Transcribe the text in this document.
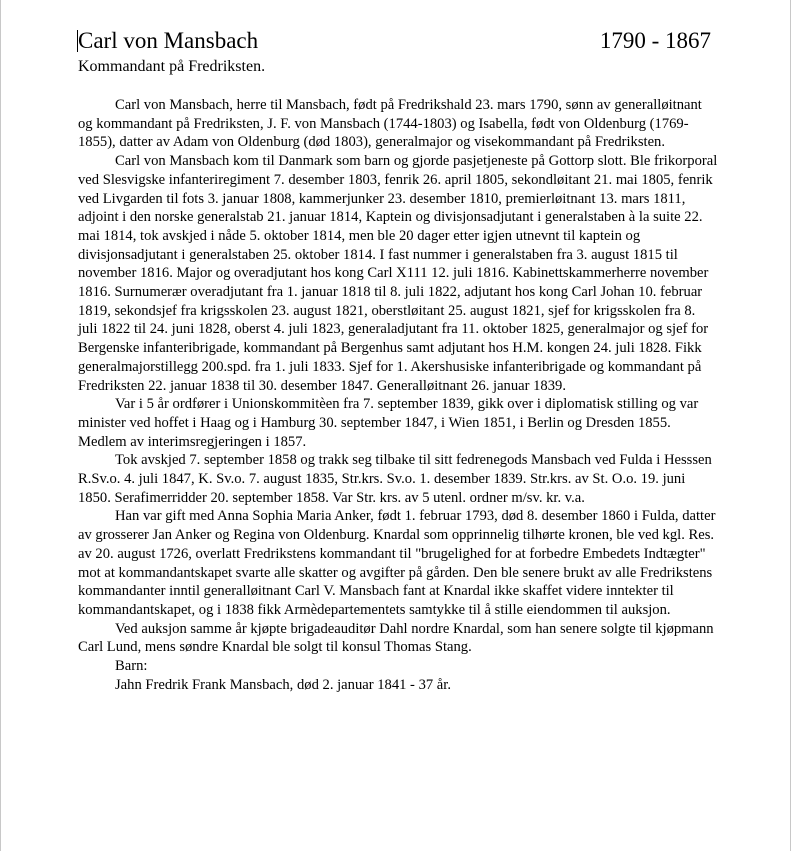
Carl von Mansbach	1790 - 1867
Kommandant på Fredriksten.

Carl von Mansbach, herre til Mansbach, født på Fredrikshald 23. mars 1790, sønn av generalløitnant og kommandant på Fredriksten, J. F. von Mansbach (1744-1803) og Isabella, født von Oldenburg (1769-1855), datter av Adam von Oldenburg (død 1803), generalmajor og visekommandant på Fredriksten.

Carl von Mansbach kom til Danmark som barn og gjorde pasjetjeneste på Gottorp slott. Ble frikorporal ved Slesvigske infanteriregiment 7. desember 1803, fenrik 26. april 1805, sekondløitant 21. mai 1805, fenrik ved Livgarden til fots 3. januar 1808, kammerjunker 23. desember 1810, premierløitnant 13. mars 1811, adjoint i den norske generalstab 21. januar 1814, Kaptein og divisjonsadjutant i generalstaben à la suite 22. mai 1814, tok avskjed i nåde 5. oktober 1814, men ble 20 dager etter igjen utnevnt til kaptein og divisjonsadjutant i generalstaben 25. oktober 1814. I fast nummer i generalstaben fra 3. august 1815 til november 1816. Major og overadjutant hos kong Carl X111 12. juli 1816. Kabinettskammerherre november 1816. Surnumerær overadjutant fra 1. januar 1818 til 8. juli 1822, adjutant hos kong Carl Johan 10. februar 1819, sekondsjef fra krigsskolen 23. august 1821, oberstløitant 25. august 1821, sjef for krigsskolen fra 8. juli 1822 til 24. juni 1828, oberst 4. juli 1823, generaladjutant fra 11. oktober 1825, generalmajor og sjef for Bergenske infanteribrigade, kommandant på Bergenhus samt adjutant hos H.M. kongen 24. juli 1828. Fikk generalmajorstillegg 200.spd. fra 1. juli 1833. Sjef for 1. Akershusiske infanteribrigade og kommandant på Fredriksten 22. januar 1838 til 30. desember 1847. Generalløitnant 26. januar 1839.

Var i 5 år ordfører i Unionskommitèen fra 7. september 1839, gikk over i diplomatisk stilling og var minister ved hoffet i Haag og i Hamburg 30. september 1847, i Wien 1851, i Berlin og Dresden 1855. Medlem av interimsregjeringen i 1857.

Tok avskjed 7. september 1858 og trakk seg tilbake til sitt fedrenegods Mansbach ved Fulda i Hesssen R.Sv.o. 4. juli 1847, K. Sv.o. 7. august 1835, Str.krs. Sv.o. 1. desember 1839. Str.krs. av St. O.o. 19. juni 1850. Serafimerridder 20. september 1858. Var Str. krs. av 5 utenl. ordner m/sv. kr. v.a.

Han var gift med Anna Sophia Maria Anker, født 1. februar 1793, død 8. desember 1860 i Fulda, datter av grosserer Jan Anker og Regina von Oldenburg. Knardal som opprinnelig tilhørte kronen, ble ved kgl. Res. av 20. august 1726, overlatt Fredrikstens kommandant til "brugelighed for at forbedre Embedets Indtægter" mot at kommandantskapet svarte alle skatter og avgifter på gården. Den ble senere brukt av alle Fredrikstens kommandanter inntil generalløitnant Carl V. Mansbach fant at Knardal ikke skaffet videre inntekter til kommandantskapet, og i 1838 fikk Armèdepartementets samtykke til å stille eiendommen til auksjon.

Ved auksjon samme år kjøpte brigadeauditør Dahl nordre Knardal, som han senere solgte til kjøpmann Carl Lund, mens søndre Knardal ble solgt til konsul Thomas Stang.

Barn:
Jahn Fredrik Frank Mansbach, død 2. januar 1841 - 37 år.
